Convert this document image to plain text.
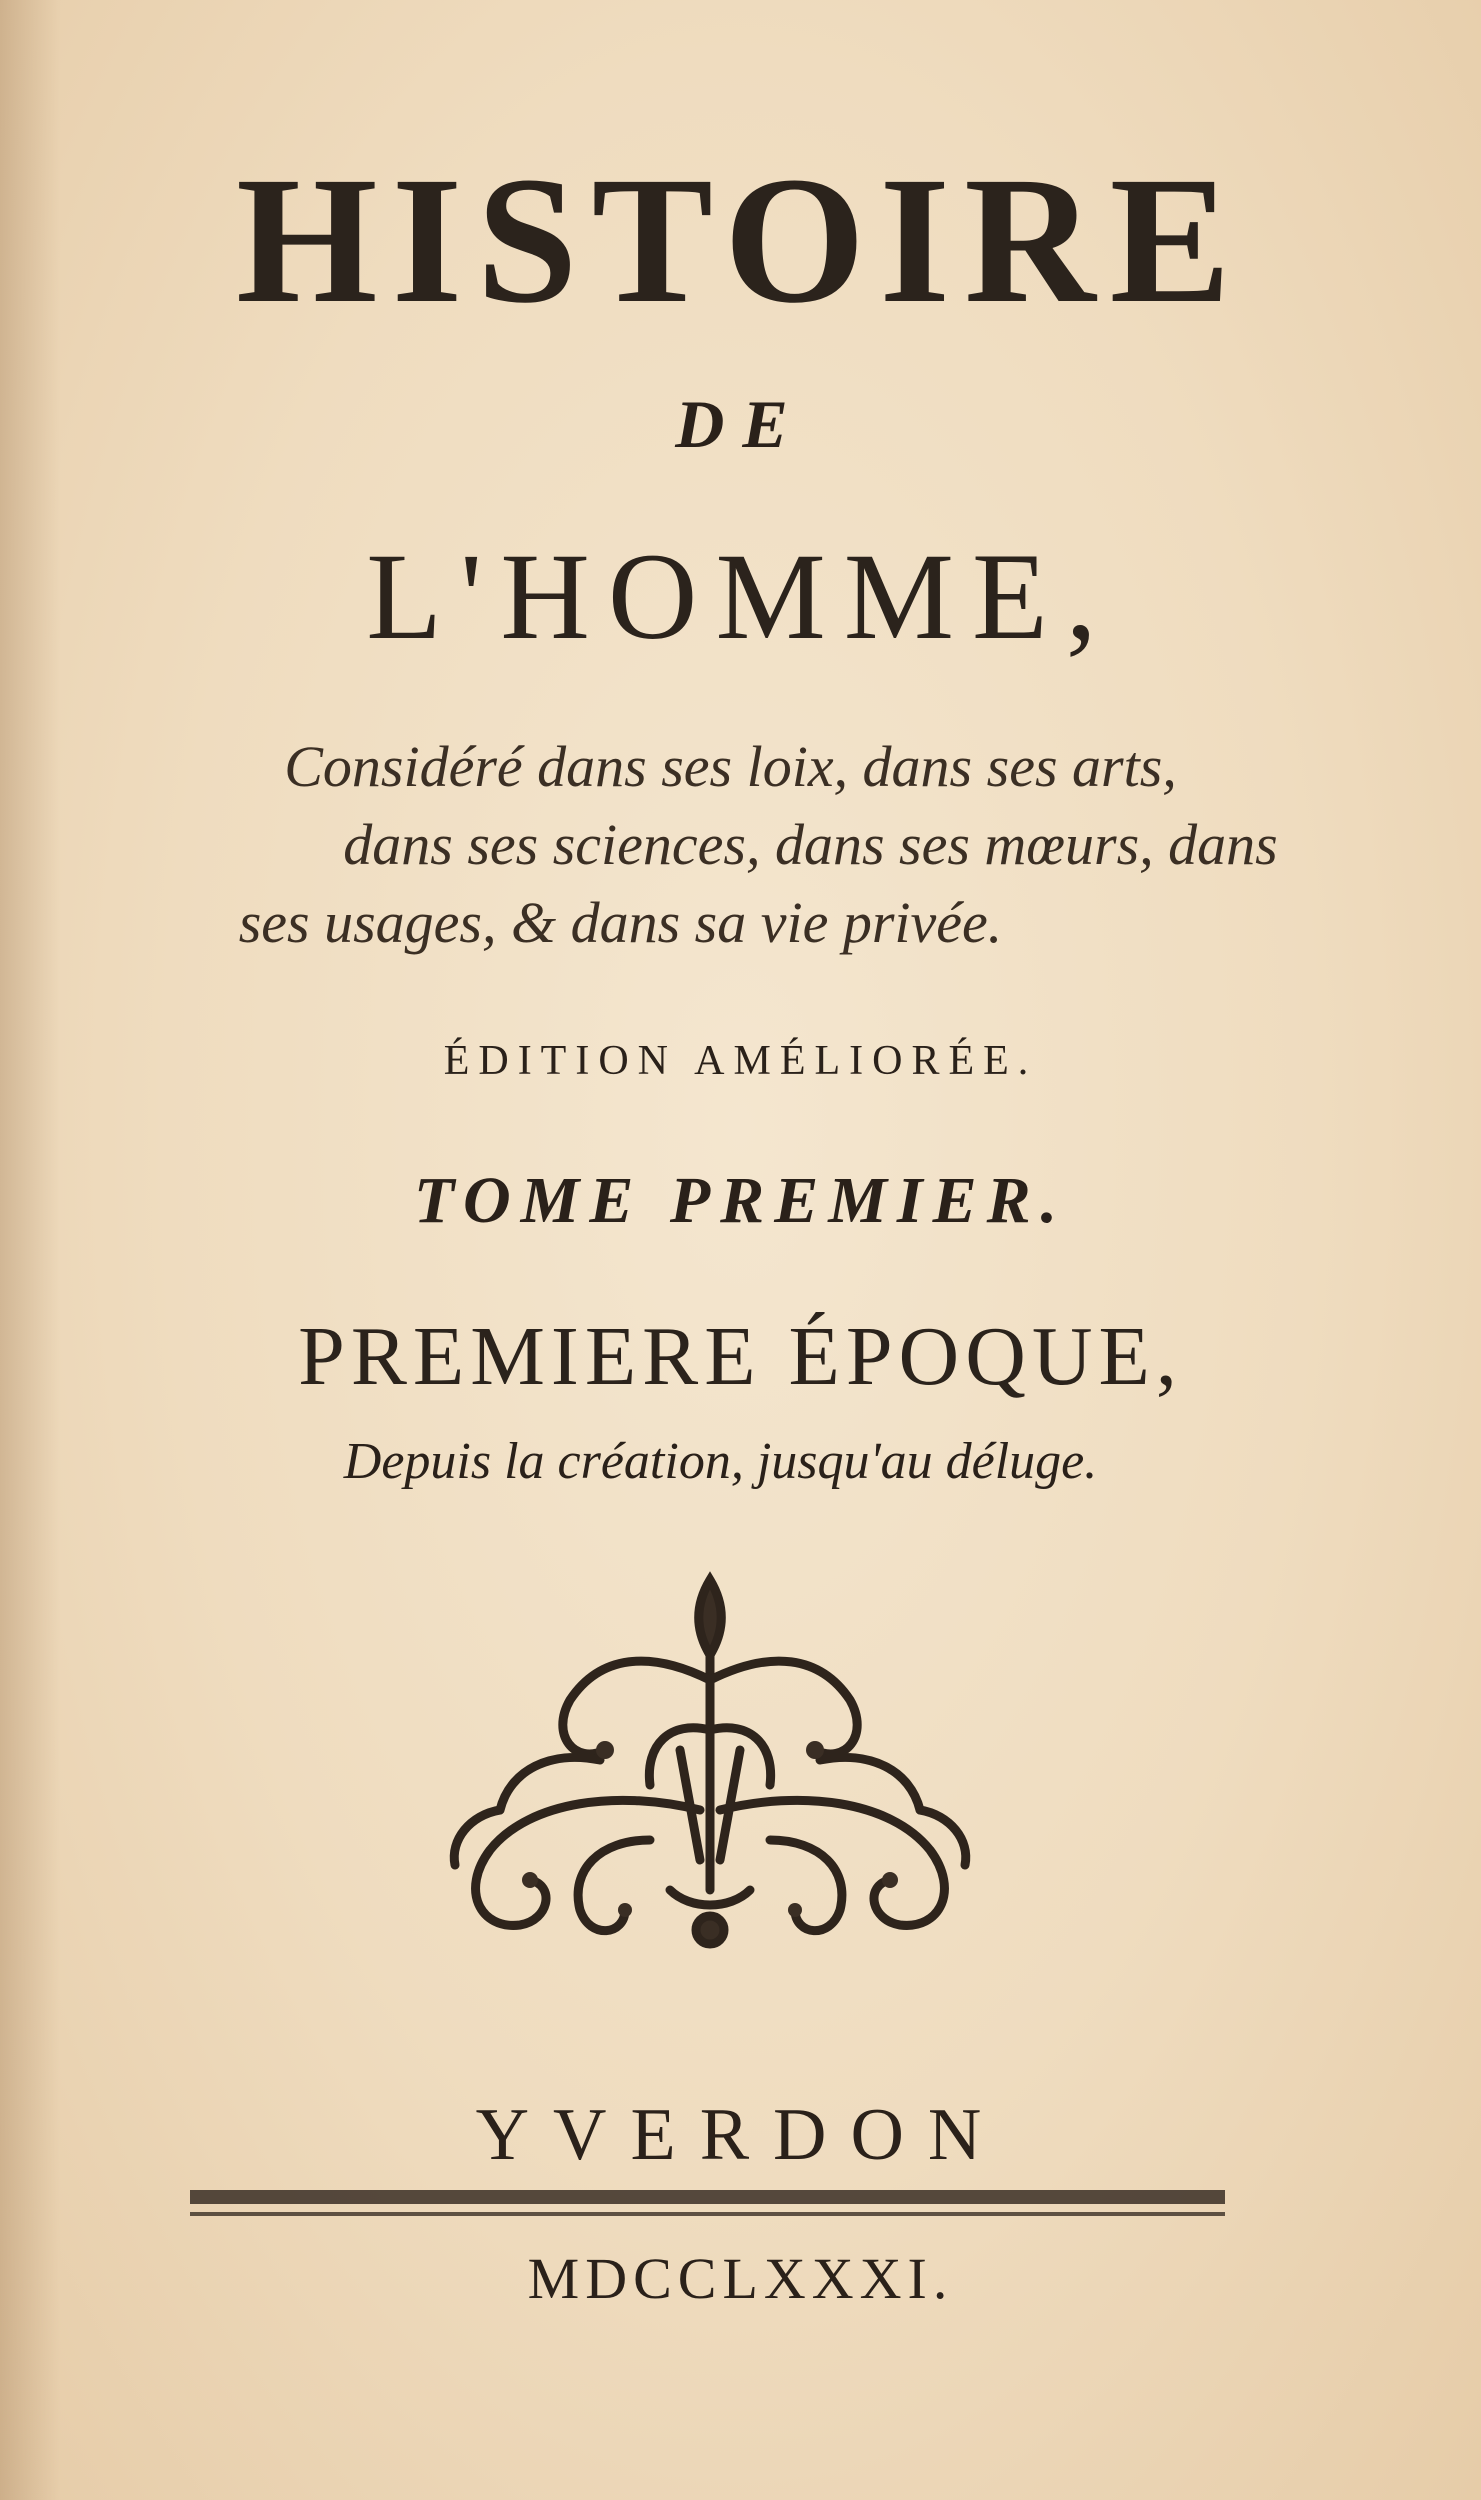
HISTOIRE

DE

L'HOMME,

Considéré dans ses loix, dans ses arts,

dans ses sciences, dans ses mœurs, dans

ses usages, & dans sa vie privée.

ÉDITION AMÉLIORÉE.

TOME PREMIER.

PREMIERE ÉPOQUE,

Depuis la création, jusqu'au déluge.

YVERDON

MDCCLXXXI.
